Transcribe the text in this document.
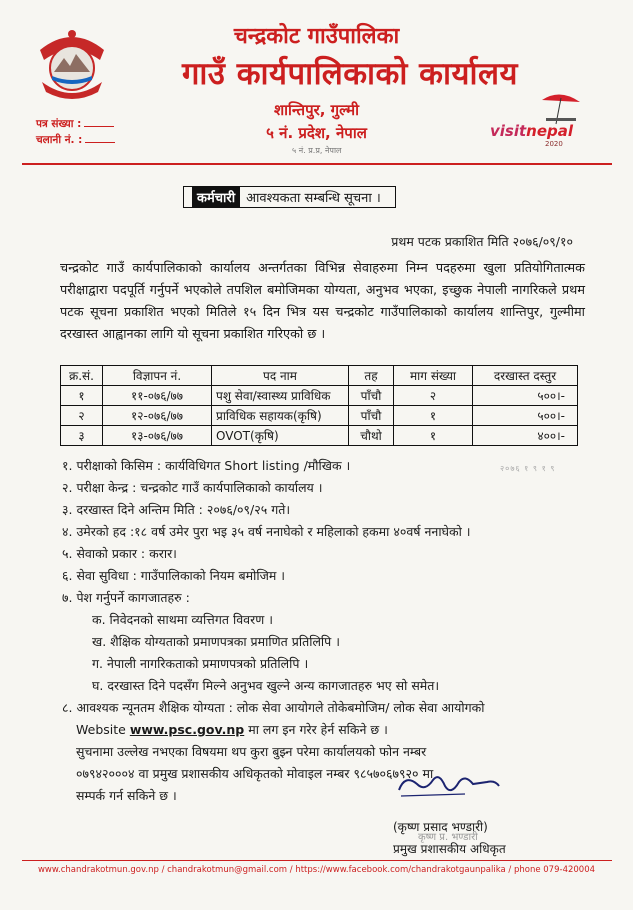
चन्द्रकोट गाउँपालिका
गाउँ कार्यपालिकाको कार्यालय
शान्तिपुर, गुल्मी
५ नं. प्रदेश, नेपाल
५ नं. प्र.प्र, नेपाल
पत्र संख्या :
चलानी नं. :	visitnepal
2020
कर्मचारी आवश्यकता सम्बन्धि सूचना ।
प्रथम पटक प्रकाशित मिति २०७६/०९/१०
चन्द्रकोट गाउँ कार्यपालिकाको कार्यालय अन्तर्गतका विभिन्न सेवाहरुमा निम्न पदहरुमा खुला प्रतियोगितात्मक परीक्षाद्वारा पदपूर्ति गर्नुपर्ने भएकोले तपशिल बमोजिमका योग्यता, अनुभव भएका, इच्छुक नेपाली नागरिकले प्रथम पटक सूचना प्रकाशित भएको मितिले १५ दिन भित्र यस चन्द्रकोट गाउँपालिकाको कार्यालय शान्तिपुर, गुल्मीमा दरखास्त आह्वानका लागि यो सूचना प्रकाशित गरिएको छ ।
क्र.सं.	विज्ञापन नं.	पद नाम	तह	माग संख्या	दरखास्त दस्तुर
१	११-०७६/७७	पशु सेवा/स्वास्थ्य प्राविधिक	पाँचौ	२	५००।-
२	१२-०७६/७७	प्राविधिक सहायक(कृषि)	पाँचौ	१	५००।-
३	१३-०७६/७७	OVOT(कृषि)	चौथो	१	४००।-
२०७६ १ ९ १ ९
१. परीक्षाको किसिम : कार्यविधिगत Short listing /मौखिक ।
२. परीक्षा केन्द्र : चन्द्रकोट गाउँ कार्यपालिकाको कार्यालय ।
३. दरखास्त दिने अन्तिम मिति : २०७६/०९/२५ गते।
४. उमेरको हद :१८ वर्ष उमेर पुरा भइ ३५ वर्ष ननाघेको र महिलाको हकमा ४०वर्ष ननाघेको ।
५. सेवाको प्रकार : करार।
६. सेवा सुविधा : गाउँपालिकाको नियम बमोजिम ।
७. पेश गर्नुपर्ने कागजातहरु :
क. निवेदनको साथमा व्यत्तिगत विवरण ।
ख. शैक्षिक योग्यताको प्रमाणपत्रका प्रमाणित प्रतिलिपि ।
ग. नेपाली नागरिकताको प्रमाणपत्रको प्रतिलिपि ।
घ. दरखास्त दिने पदसँग मिल्ने अनुभव खुल्ने अन्य कागजातहरु भए सो समेत।
८. आवश्यक न्यूनतम शैक्षिक योग्यता : लोक सेवा आयोगले तोकेबमोजिम/ लोक सेवा आयोगको
Website www.psc.gov.np मा लग इन गरेर हेर्न सकिने छ ।
सुचनामा उल्लेख नभएका विषयमा थप कुरा बुझ्न परेमा कार्यालयको फोन नम्बर
०७९४२०००४ वा प्रमुख प्रशासकीय अधिकृतको मोवाइल नम्बर ९८५७०६७९२० मा
सम्पर्क गर्न सकिने छ ।
कृष्ण प्र. भण्डारी
(कृष्ण प्रसाद भण्डारी)
प्रमुख प्रशासकीय अधिकृत
www.chandrakotmun.gov.np / chandrakotmun@gmail.com / https://www.facebook.com/chandrakotgaunpalika / phone 079-420004
